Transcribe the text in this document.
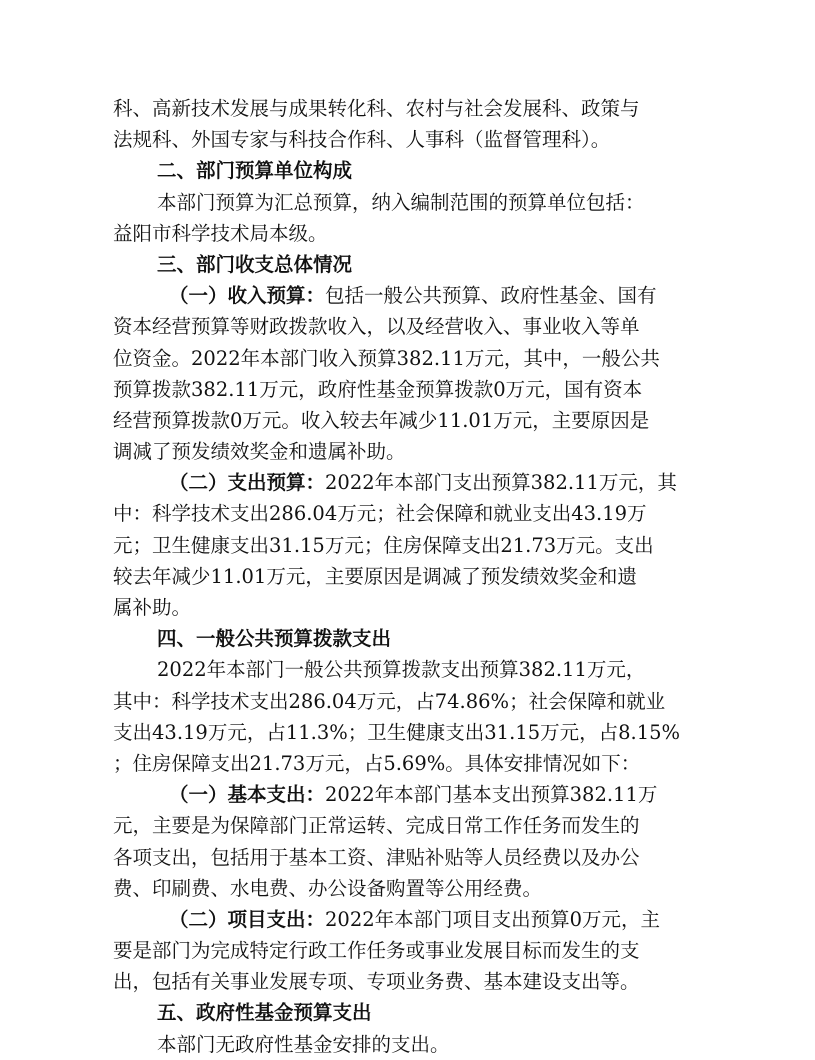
科、高新技术发展与成果转化科、农村与社会发展科、政策与
法规科、外国专家与科技合作科、人事科（监督管理科）。
二、部门预算单位构成
本部门预算为汇总预算，纳入编制范围的预算单位包括：
益阳市科学技术局本级。
三、部门收支总体情况
（一）收入预算：包括一般公共预算、政府性基金、国有
资本经营预算等财政拨款收入，以及经营收入、事业收入等单
位资金。2022年本部门收入预算382.11万元，其中，一般公共
预算拨款382.11万元，政府性基金预算拨款0万元，国有资本
经营预算拨款0万元。收入较去年减少11.01万元，主要原因是
调减了预发绩效奖金和遗属补助。
（二）支出预算：2022年本部门支出预算382.11万元，其
中：科学技术支出286.04万元；社会保障和就业支出43.19万
元；卫生健康支出31.15万元；住房保障支出21.73万元。支出
较去年减少11.01万元，主要原因是调减了预发绩效奖金和遗
属补助。
四、一般公共预算拨款支出
2022年本部门一般公共预算拨款支出预算382.11万元，
其中：科学技术支出286.04万元，占74.86%；社会保障和就业
支出43.19万元，占11.3%；卫生健康支出31.15万元，占8.15%
；住房保障支出21.73万元，占5.69%。具体安排情况如下：
（一）基本支出：2022年本部门基本支出预算382.11万
元，主要是为保障部门正常运转、完成日常工作任务而发生的
各项支出，包括用于基本工资、津贴补贴等人员经费以及办公
费、印刷费、水电费、办公设备购置等公用经费。
（二）项目支出：2022年本部门项目支出预算0万元，主
要是部门为完成特定行政工作任务或事业发展目标而发生的支
出，包括有关事业发展专项、专项业务费、基本建设支出等。
五、政府性基金预算支出
本部门无政府性基金安排的支出。
